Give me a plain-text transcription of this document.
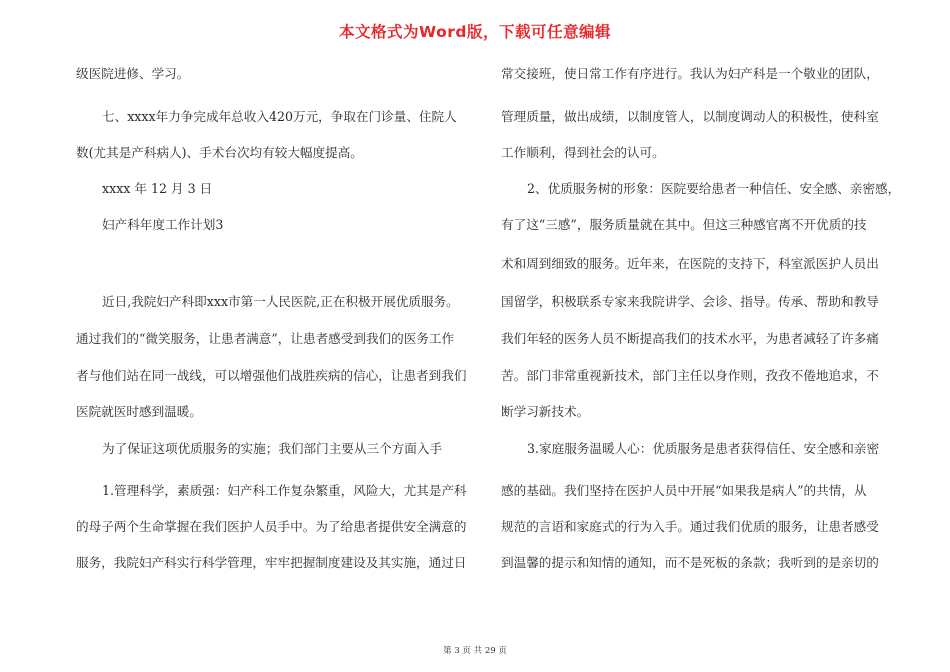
本文格式为Word版，下载可任意编辑
级医院进修、学习。
七、xxxx年力争完成年总收入420万元，争取在门诊量、住院人
数(尤其是产科病人)、手术台次均有较大幅度提高。
xxxx 年 12 月 3 日
妇产科年度工作计划3
近日,我院妇产科即xxx市第一人民医院,正在积极开展优质服务。
通过我们的“微笑服务，让患者满意”，让患者感受到我们的医务工作
者与他们站在同一战线，可以增强他们战胜疾病的信心，让患者到我们
医院就医时感到温暖。
为了保证这项优质服务的实施；我们部门主要从三个方面入手
1.管理科学，素质强：妇产科工作复杂繁重，风险大，尤其是产科
的母子两个生命掌握在我们医护人员手中。为了给患者提供安全满意的
服务，我院妇产科实行科学管理，牢牢把握制度建设及其实施，通过日
常交接班，使日常工作有序进行。我认为妇产科是一个敬业的团队，
管理质量，做出成绩，以制度管人，以制度调动人的积极性，使科室
工作顺利，得到社会的认可。
2、优质服务树的形象：医院要给患者一种信任、安全感、亲密感，
有了这“三感”，服务质量就在其中。但这三种感官离不开优质的技
术和周到细致的服务。近年来，在医院的支持下，科室派医护人员出
国留学，积极联系专家来我院讲学、会诊、指导。传承、帮助和教导
我们年轻的医务人员不断提高我们的技术水平，为患者减轻了许多痛
苦。部门非常重视新技术，部门主任以身作则，孜孜不倦地追求，不
断学习新技术。
3.家庭服务温暖人心：优质服务是患者获得信任、安全感和亲密
感的基础。我们坚持在医护人员中开展“如果我是病人”的共情，从
规范的言语和家庭式的行为入手。通过我们优质的服务，让患者感受
到温馨的提示和知情的通知，而不是死板的条款；我听到的是亲切的
第 3 页 共 29 页
